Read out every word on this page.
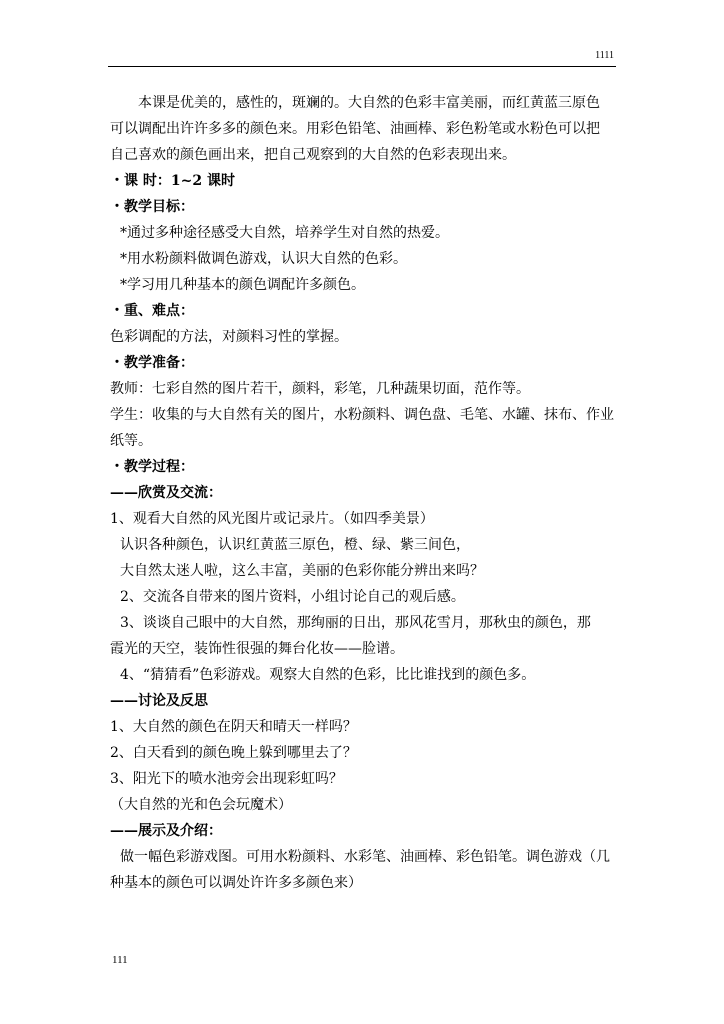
1111
本课是优美的，感性的，斑斓的。大自然的色彩丰富美丽，而红黄蓝三原色
可以调配出许许多多的颜色来。用彩色铅笔、油画棒、彩色粉笔或水粉色可以把
自己喜欢的颜色画出来，把自己观察到的大自然的色彩表现出来。
・课 时：1~2 课时
・教学目标：
*通过多种途径感受大自然，培养学生对自然的热爱。
*用水粉颜料做调色游戏，认识大自然的色彩。
*学习用几种基本的颜色调配许多颜色。
・重、难点：
色彩调配的方法，对颜料习性的掌握。
・教学准备：
教师：七彩自然的图片若干，颜料，彩笔，几种蔬果切面，范作等。
学生：收集的与大自然有关的图片，水粉颜料、调色盘、毛笔、水罐、抹布、作业
纸等。
・教学过程：
——欣赏及交流：
1、观看大自然的风光图片或记录片。（如四季美景）
认识各种颜色，认识红黄蓝三原色，橙、绿、紫三间色，
大自然太迷人啦，这么丰富，美丽的色彩你能分辨出来吗？
2、交流各自带来的图片资料，小组讨论自己的观后感。
3、谈谈自己眼中的大自然，那绚丽的日出，那风花雪月，那秋虫的颜色，那
霞光的天空，装饰性很强的舞台化妆——脸谱。
4、“猜猜看”色彩游戏。观察大自然的色彩，比比谁找到的颜色多。
——讨论及反思
1、大自然的颜色在阴天和晴天一样吗？
2、白天看到的颜色晚上躲到哪里去了？
3、阳光下的喷水池旁会出现彩虹吗？
（大自然的光和色会玩魔术）
——展示及介绍：
做一幅色彩游戏图。可用水粉颜料、水彩笔、油画棒、彩色铅笔。调色游戏（几
种基本的颜色可以调处许许多多颜色来）
111
